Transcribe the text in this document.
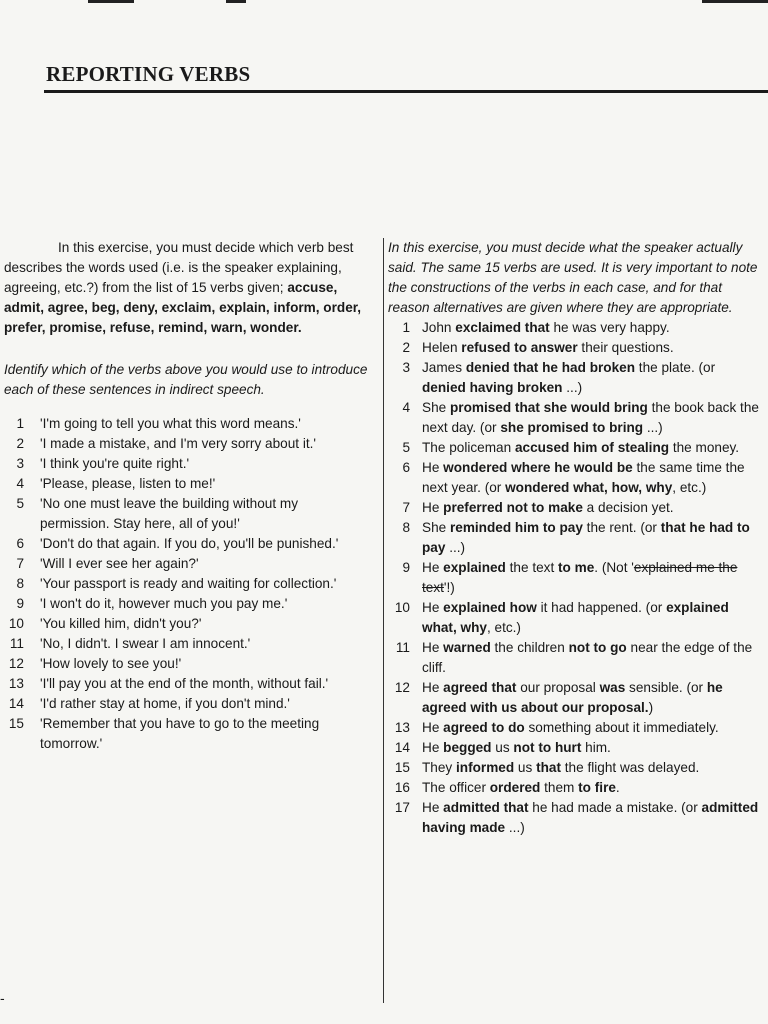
REPORTING VERBS

In this exercise, you must decide which verb best describes the words used (i.e. is the speaker explaining, agreeing, etc.?) from the list of 15 verbs given; accuse, admit, agree, beg, deny, exclaim, explain, inform, order, prefer, promise, refuse, remind, warn, wonder.

Identify which of the verbs above you would use to introduce each of these sentences in indirect speech.

1 'I'm going to tell you what this word means.'
2 'I made a mistake, and I'm very sorry about it.'
3 'I think you're quite right.'
4 'Please, please, listen to me!'
5 'No one must leave the building without my permission. Stay here, all of you!'
6 'Don't do that again. If you do, you'll be punished.'
7 'Will I ever see her again?'
8 'Your passport is ready and waiting for collection.'
9 'I won't do it, however much you pay me.'
10 'You killed him, didn't you?'
11 'No, I didn't. I swear I am innocent.'
12 'How lovely to see you!'
13 'I'll pay you at the end of the month, without fail.'
14 'I'd rather stay at home, if you don't mind.'
15 'Remember that you have to go to the meeting tomorrow.'

In this exercise, you must decide what the speaker actually said. The same 15 verbs are used. It is very important to note the constructions of the verbs in each case, and for that reason alternatives are given where they are appropriate.

1 John exclaimed that he was very happy.
2 Helen refused to answer their questions.
3 James denied that he had broken the plate. (or denied having broken ...)
4 She promised that she would bring the book back the next day. (or she promised to bring ...)
5 The policeman accused him of stealing the money.
6 He wondered where he would be the same time the next year. (or wondered what, how, why, etc.)
7 He preferred not to make a decision yet.
8 She reminded him to pay the rent. (or that he had to pay ...)
9 He explained the text to me. (Not 'explained me the text'!)
10 He explained how it had happened. (or explained what, why, etc.)
11 He warned the children not to go near the edge of the cliff.
12 He agreed that our proposal was sensible. (or he agreed with us about our proposal.)
13 He agreed to do something about it immediately.
14 He begged us not to hurt him.
15 They informed us that the flight was delayed.
16 The officer ordered them to fire.
17 He admitted that he had made a mistake. (or admitted having made ...)
-
